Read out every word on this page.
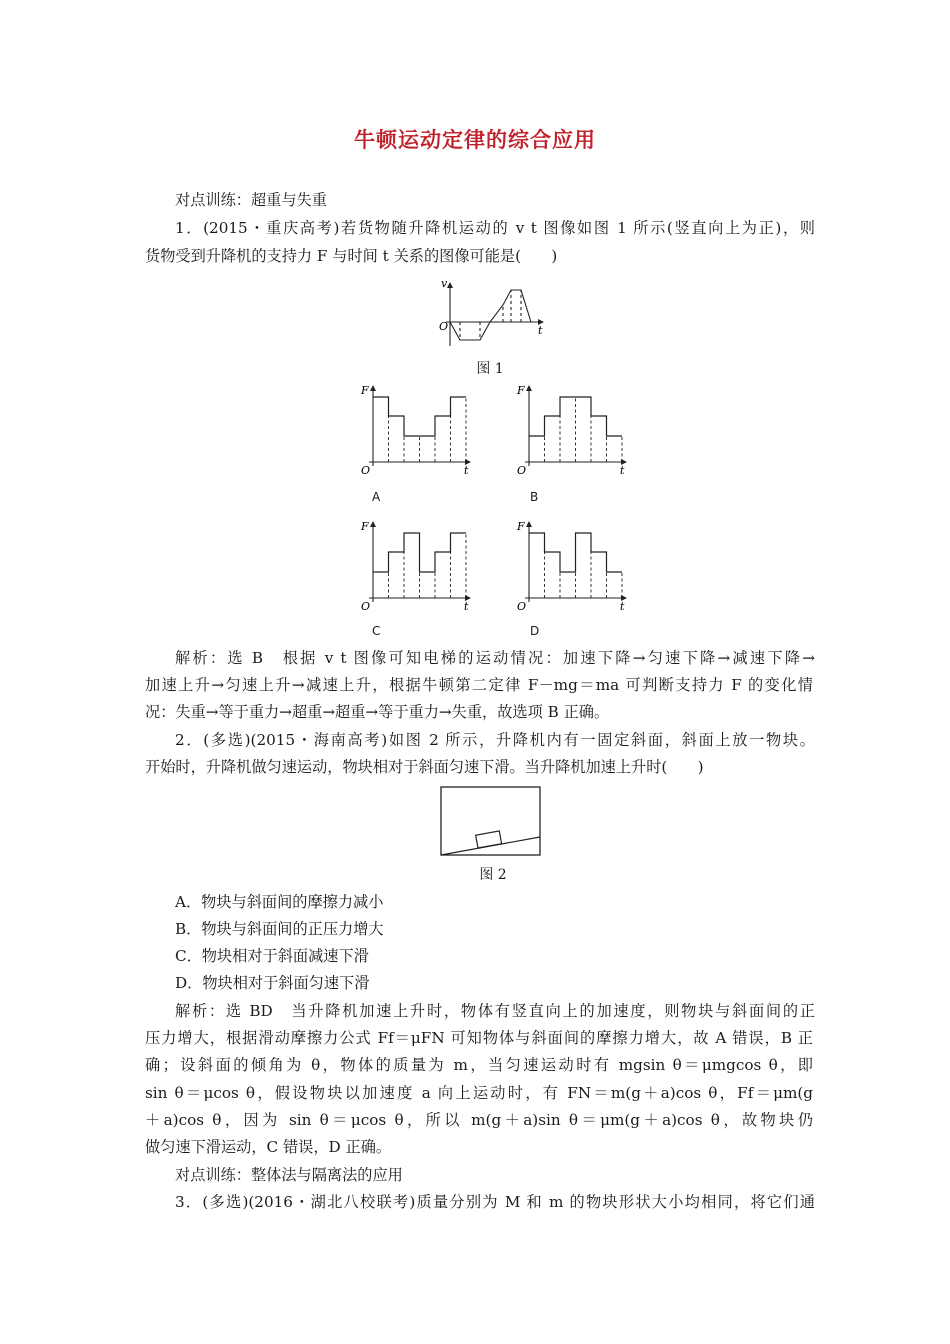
牛顿运动定律的综合应用
对点训练：超重与失重
1．(2015・重庆高考)若货物随升降机运动的 v t 图像如图 1 所示(竖直向上为正)，则
货物受到升降机的支持力 F 与时间 t 关系的图像可能是(　　)
v
t
O
图 1
F
t
O
A
F
t
O
B
F
t
O
C
F
t
O
D
解析：选 B　根据 v t 图像可知电梯的运动情况：加速下降→匀速下降→减速下降→
加速上升→匀速上升→减速上升，根据牛顿第二定律 F－mg＝ma 可判断支持力 F 的变化情
况：失重→等于重力→超重→超重→等于重力→失重，故选项 B 正确。
2．(多选)(2015・海南高考)如图 2 所示，升降机内有一固定斜面，斜面上放一物块。
开始时，升降机做匀速运动，物块相对于斜面匀速下滑。当升降机加速上升时(　　)
图 2
A．物块与斜面间的摩擦力减小
B．物块与斜面间的正压力增大
C．物块相对于斜面减速下滑
D．物块相对于斜面匀速下滑
解析：选 BD　当升降机加速上升时，物体有竖直向上的加速度，则物块与斜面间的正
压力增大，根据滑动摩擦力公式 Ff＝μFN 可知物体与斜面间的摩擦力增大，故 A 错误，B 正
确；设斜面的倾角为 θ，物体的质量为 m，当匀速运动时有 mgsin θ＝μmgcos θ，即
sin θ＝μcos θ，假设物块以加速度 a 向上运动时，有 FN＝m(g＋a)cos θ，Ff＝μm(g
＋a)cos θ，因为 sin θ＝μcos θ，所以 m(g＋a)sin θ＝μm(g＋a)cos θ，故物块仍
做匀速下滑运动，C 错误，D 正确。
对点训练：整体法与隔离法的应用
3．(多选)(2016・湖北八校联考)质量分别为 M 和 m 的物块形状大小均相同，将它们通
